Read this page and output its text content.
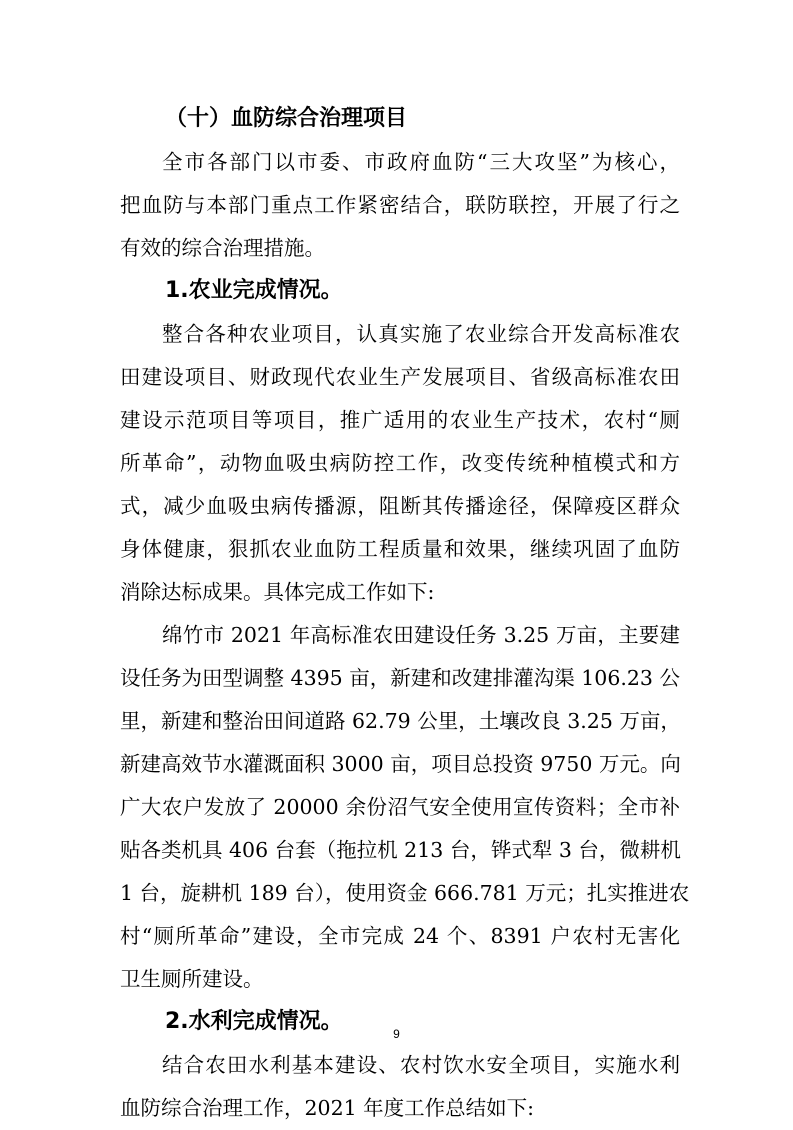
（十）血防综合治理项目
全市各部门以市委、市政府血防“三大攻坚”为核心，
把血防与本部门重点工作紧密结合，联防联控，开展了行之
有效的综合治理措施。
1.农业完成情况。
整合各种农业项目，认真实施了农业综合开发高标准农
田建设项目、财政现代农业生产发展项目、省级高标准农田
建设示范项目等项目，推广适用的农业生产技术，农村“厕
所革命”，动物血吸虫病防控工作，改变传统种植模式和方
式，减少血吸虫病传播源，阻断其传播途径，保障疫区群众
身体健康，狠抓农业血防工程质量和效果，继续巩固了血防
消除达标成果。具体完成工作如下:
绵竹市 2021 年高标准农田建设任务 3.25 万亩，主要建
设任务为田型调整 4395 亩，新建和改建排灌沟渠 106.23 公
里，新建和整治田间道路 62.79 公里，土壤改良 3.25 万亩，
新建高效节水灌溉面积 3000 亩，项目总投资 9750 万元。向
广大农户发放了 20000 余份沼气安全使用宣传资料；全市补
贴各类机具 406 台套（拖拉机 213 台，铧式犁 3 台，微耕机
1 台，旋耕机 189 台），使用资金 666.781 万元；扎实推进农
村“厕所革命”建设，全市完成 24 个、8391 户农村无害化
卫生厕所建设。
2.水利完成情况。
结合农田水利基本建设、农村饮水安全项目，实施水利
血防综合治理工作，2021 年度工作总结如下:
9
